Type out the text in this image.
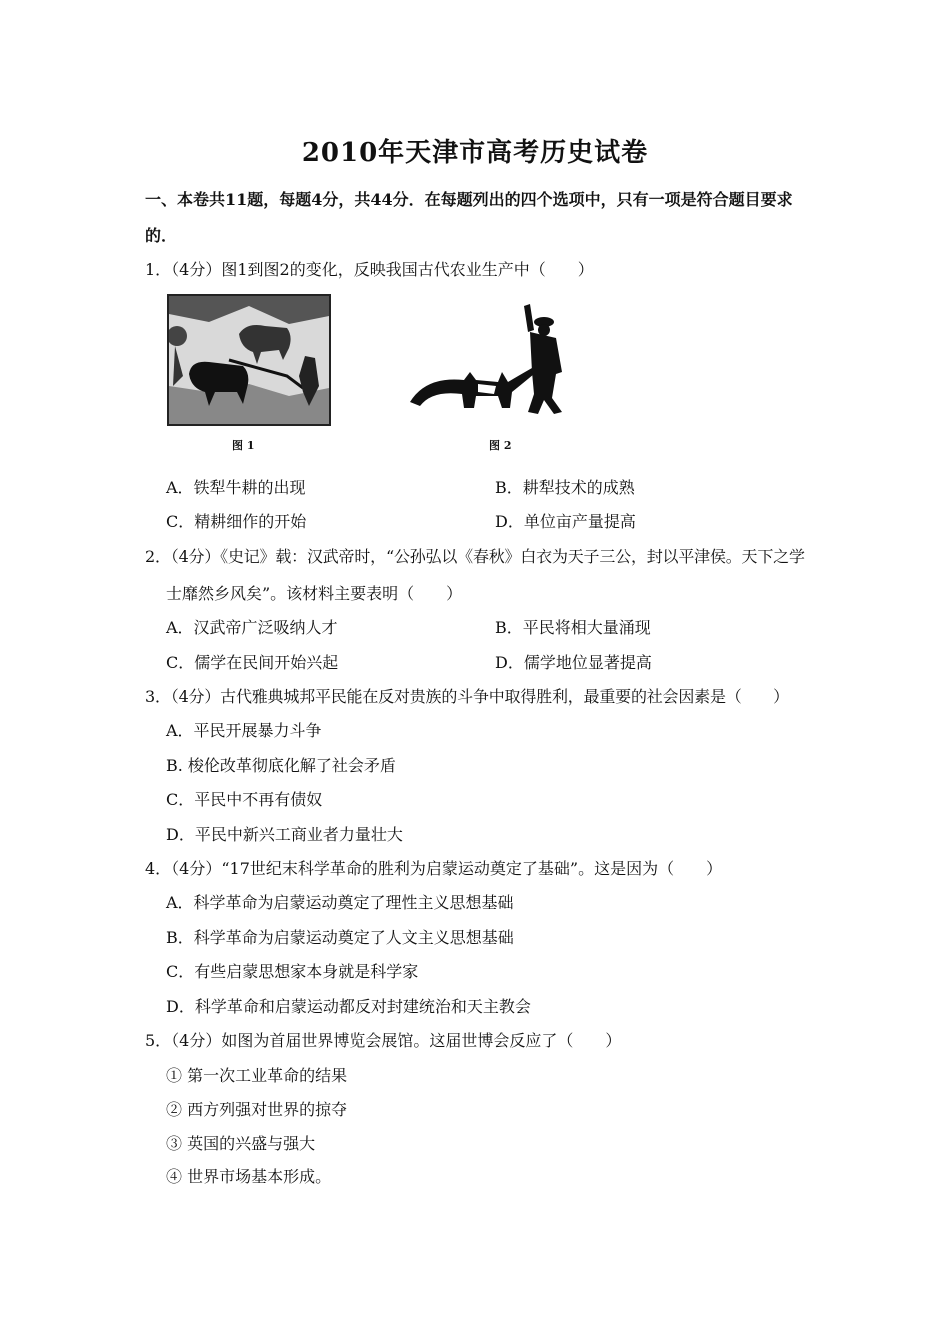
2010年天津市高考历史试卷
一、本卷共11题，每题4分，共44分．在每题列出的四个选项中，只有一项是符合题目要求的．
1．（4分）图1到图2的变化，反映我国古代农业生产中（　　）
图 1	图 2
A．铁犁牛耕的出现	B．耕犁技术的成熟
C．精耕细作的开始	D．单位亩产量提高
2．（4分）《史记》载：汉武帝时，“公孙弘以《春秋》白衣为天子三公，封以平津侯。天下之学
士靡然乡风矣”。该材料主要表明（　　）
A．汉武帝广泛吸纳人才	B．平民将相大量涌现
C．儒学在民间开始兴起	D．儒学地位显著提高
3．（4分）古代雅典城邦平民能在反对贵族的斗争中取得胜利，最重要的社会因素是（　　）
A．平民开展暴力斗争
B. 梭伦改革彻底化解了社会矛盾
C．平民中不再有债奴
D．平民中新兴工商业者力量壮大
4．（4分）“17世纪末科学革命的胜利为启蒙运动奠定了基础”。这是因为（　　）
A．科学革命为启蒙运动奠定了理性主义思想基础
B．科学革命为启蒙运动奠定了人文主义思想基础
C．有些启蒙思想家本身就是科学家
D．科学革命和启蒙运动都反对封建统治和天主教会
5．（4分）如图为首届世界博览会展馆。这届世博会反应了（　　）
① 第一次工业革命的结果
② 西方列强对世界的掠夺
③ 英国的兴盛与强大
④ 世界市场基本形成。
